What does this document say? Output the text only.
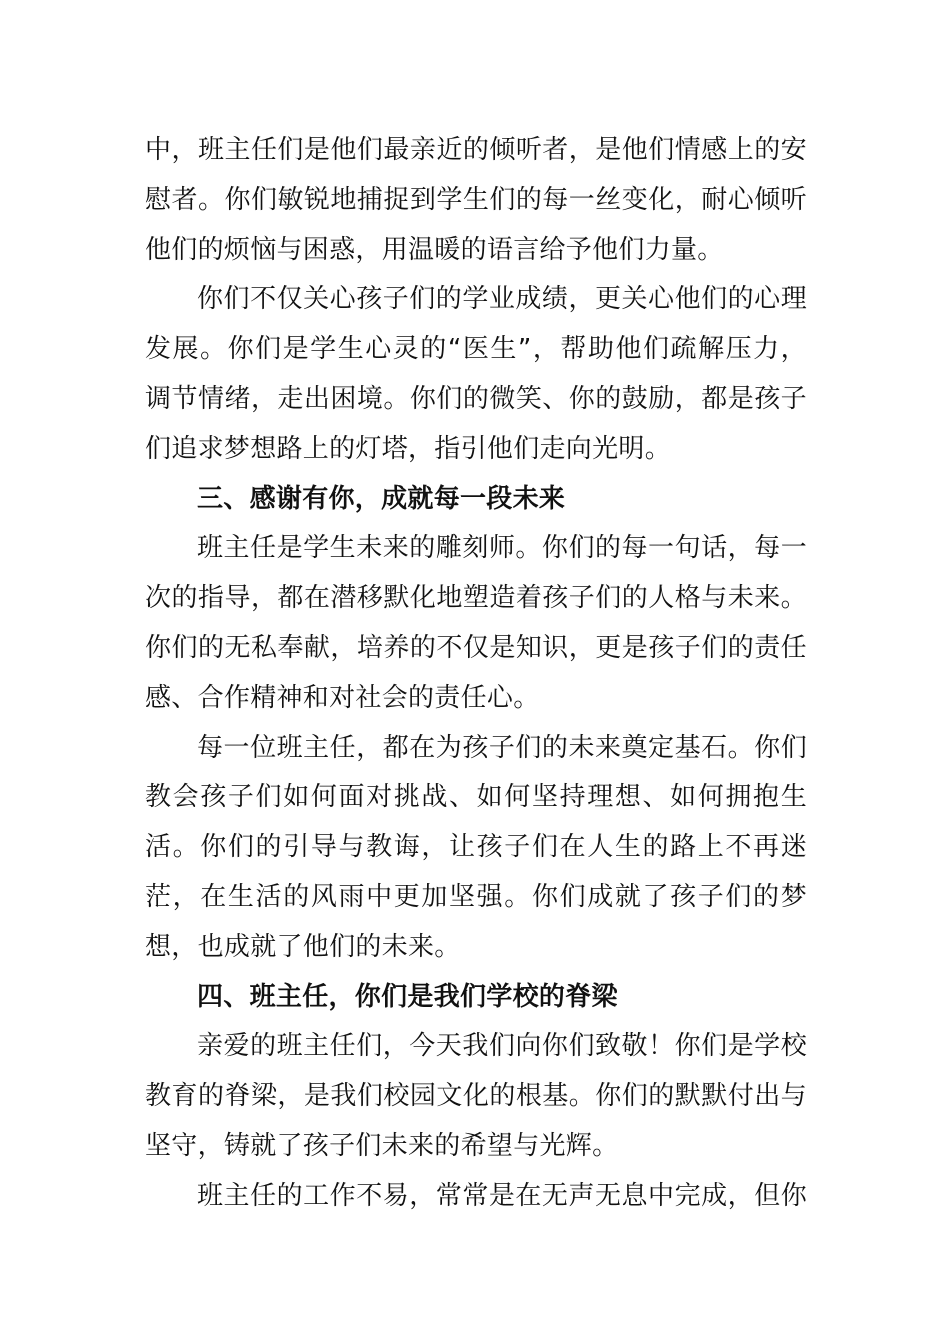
中，班主任们是他们最亲近的倾听者，是他们情感上的安
慰者。你们敏锐地捕捉到学生们的每一丝变化，耐心倾听
他们的烦恼与困惑，用温暖的语言给予他们力量。
你们不仅关心孩子们的学业成绩，更关心他们的心理
发展。你们是学生心灵的“医生”，帮助他们疏解压力，
调节情绪，走出困境。你们的微笑、你的鼓励，都是孩子
们追求梦想路上的灯塔，指引他们走向光明。
三、感谢有你，成就每一段未来
班主任是学生未来的雕刻师。你们的每一句话，每一
次的指导，都在潜移默化地塑造着孩子们的人格与未来。
你们的无私奉献，培养的不仅是知识，更是孩子们的责任
感、合作精神和对社会的责任心。
每一位班主任，都在为孩子们的未来奠定基石。你们
教会孩子们如何面对挑战、如何坚持理想、如何拥抱生
活。你们的引导与教诲，让孩子们在人生的路上不再迷
茫，在生活的风雨中更加坚强。你们成就了孩子们的梦
想，也成就了他们的未来。
四、班主任，你们是我们学校的脊梁
亲爱的班主任们，今天我们向你们致敬！你们是学校
教育的脊梁，是我们校园文化的根基。你们的默默付出与
坚守，铸就了孩子们未来的希望与光辉。
班主任的工作不易，常常是在无声无息中完成，但你
